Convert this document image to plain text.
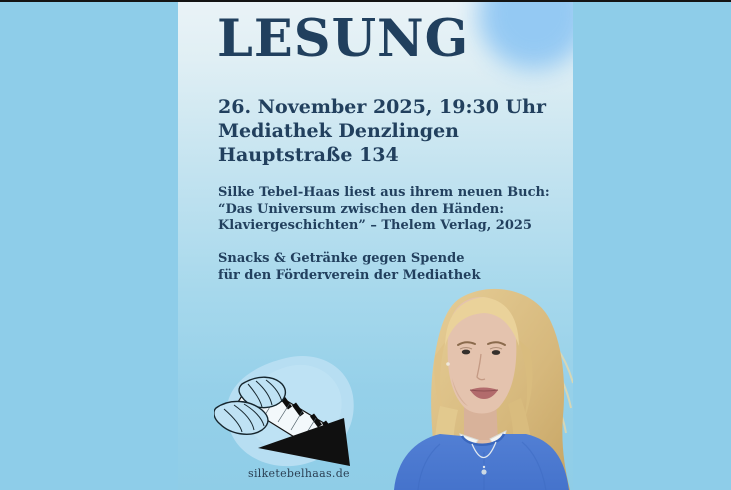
LESUNG

26. November 2025, 19:30 Uhr

Mediathek Denzlingen

Hauptstraße 134

Silke Tebel-Haas liest aus ihrem neuen Buch:

“Das Universum zwischen den Händen:

Klaviergeschichten” – Thelem Verlag, 2025

Snacks & Getränke gegen Spende

für den Förderverein der Mediathek

silketebelhaas.de
